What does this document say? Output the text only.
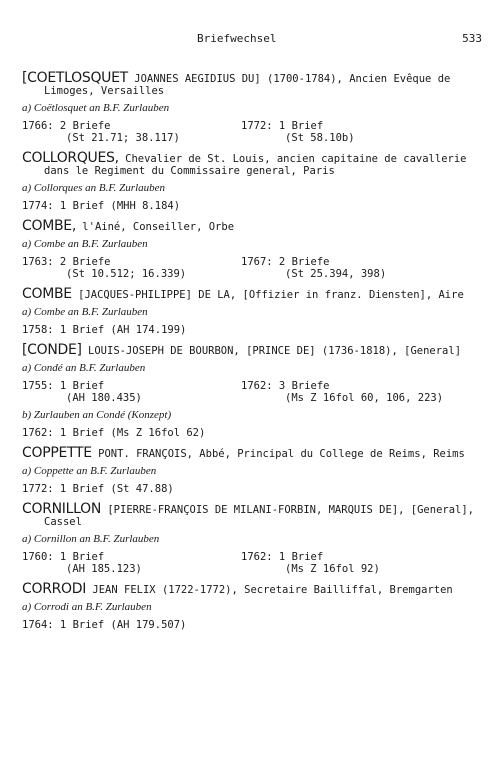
Briefwechsel	533
[COETLOSQUET JOANNES AEGIDIUS DU] (1700-1784), Ancien Evêque de Limoges, Versailles
a) Coëtlosquet an B.F. Zurlauben
1766: 2 Briefe	1772: 1 Brief
(St 21.71; 38.117)	(St 58.10b)
COLLORQUES, Chevalier de St. Louis, ancien capitaine de cavallerie dans le Regiment du Commissaire general, Paris
a) Collorques an B.F. Zurlauben
1774: 1 Brief (MHH 8.184)
COMBE, l'Ainé, Conseiller, Orbe
a) Combe an B.F. Zurlauben
1763: 2 Briefe	1767: 2 Briefe
(St 10.512; 16.339)	(St 25.394, 398)
COMBE [JACQUES-PHILIPPE] DE LA, [Offizier in franz. Diensten], Aire
a) Combe an B.F. Zurlauben
1758: 1 Brief (AH 174.199)
[CONDE] LOUIS-JOSEPH DE BOURBON, [PRINCE DE] (1736-1818), [General]
a) Condé an B.F. Zurlauben
1755: 1 Brief	1762: 3 Briefe
(AH 180.435)	(Ms Z 16fol 60, 106, 223)
b) Zurlauben an Condé (Konzept)
1762: 1 Brief (Ms Z 16fol 62)
COPPETTE PONT. FRANÇOIS, Abbé, Principal du College de Reims, Reims
a) Coppette an B.F. Zurlauben
1772: 1 Brief (St 47.88)
CORNILLON [PIERRE-FRANÇOIS DE MILANI-FORBIN, MARQUIS DE], [General], Cassel
a) Cornillon an B.F. Zurlauben
1760: 1 Brief	1762: 1 Brief
(AH 185.123)	(Ms Z 16fol 92)
CORRODI JEAN FELIX (1722-1772), Secretaire Bailliffal, Bremgarten
a) Corrodi an B.F. Zurlauben
1764: 1 Brief (AH 179.507)
